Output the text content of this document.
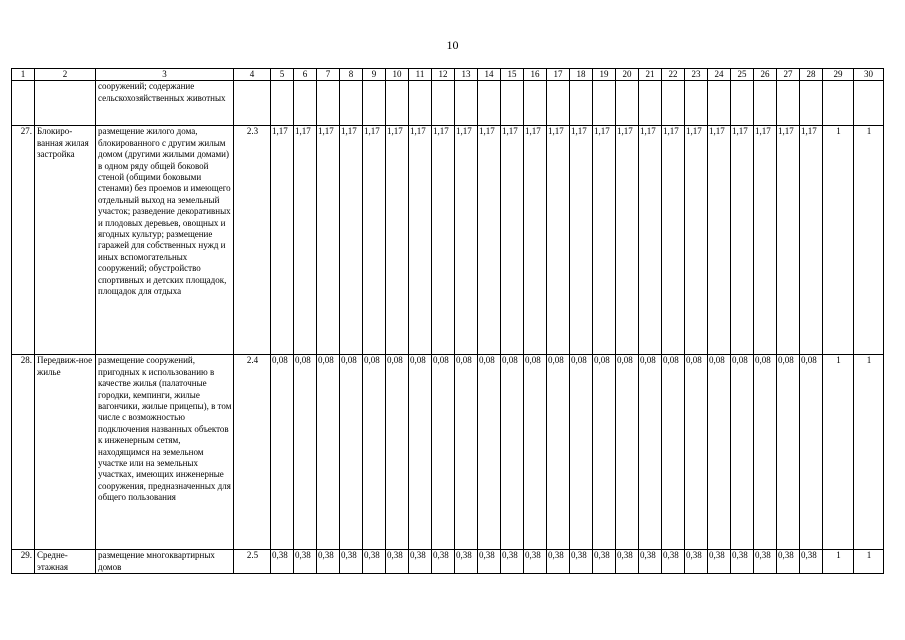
10
1	2	3	4	5	6	7	8	9	10	11	12	13	14	15	16	17	18	19	20	21	22	23	24	25	26	27	28	29	30
		сооружений; содержание сельскохозяйственных животных																											
27.	Блокиро-ванная жилая застройка	размещение жилого дома, блокированного с другим жилым домом (другими жилыми домами) в одном ряду общей боковой стеной (общими боковыми стенами) без проемов и имеющего отдельный выход на земельный участок; разведение декоративных и плодовых деревьев, овощных и ягодных культур; размещение гаражей для собственных нужд и иных вспомогательных сооружений; обустройство спортивных и детских площадок, площадок для отдыха	2.3	1,17	1,17	1,17	1,17	1,17	1,17	1,17	1,17	1,17	1,17	1,17	1,17	1,17	1,17	1,17	1,17	1,17	1,17	1,17	1,17	1,17	1,17	1,17	1,17	1	1
28.	Передвиж-ное жилье	размещение сооружений, пригодных к использованию в качестве жилья (палаточные городки, кемпинги, жилые вагончики, жилые прицепы), в том числе с возможностью подключения названных объектов к инженерным сетям, находящимся на земельном участке или на земельных участках, имеющих инженерные сооружения, предназначенных для общего пользования	2.4	0,08	0,08	0,08	0,08	0,08	0,08	0,08	0,08	0,08	0,08	0,08	0,08	0,08	0,08	0,08	0,08	0,08	0,08	0,08	0,08	0,08	0,08	0,08	0,08	1	1
29.	Средне-этажная	размещение многоквартирных домов	2.5	0,38	0,38	0,38	0,38	0,38	0,38	0,38	0,38	0,38	0,38	0,38	0,38	0,38	0,38	0,38	0,38	0,38	0,38	0,38	0,38	0,38	0,38	0,38	0,38	1	1
